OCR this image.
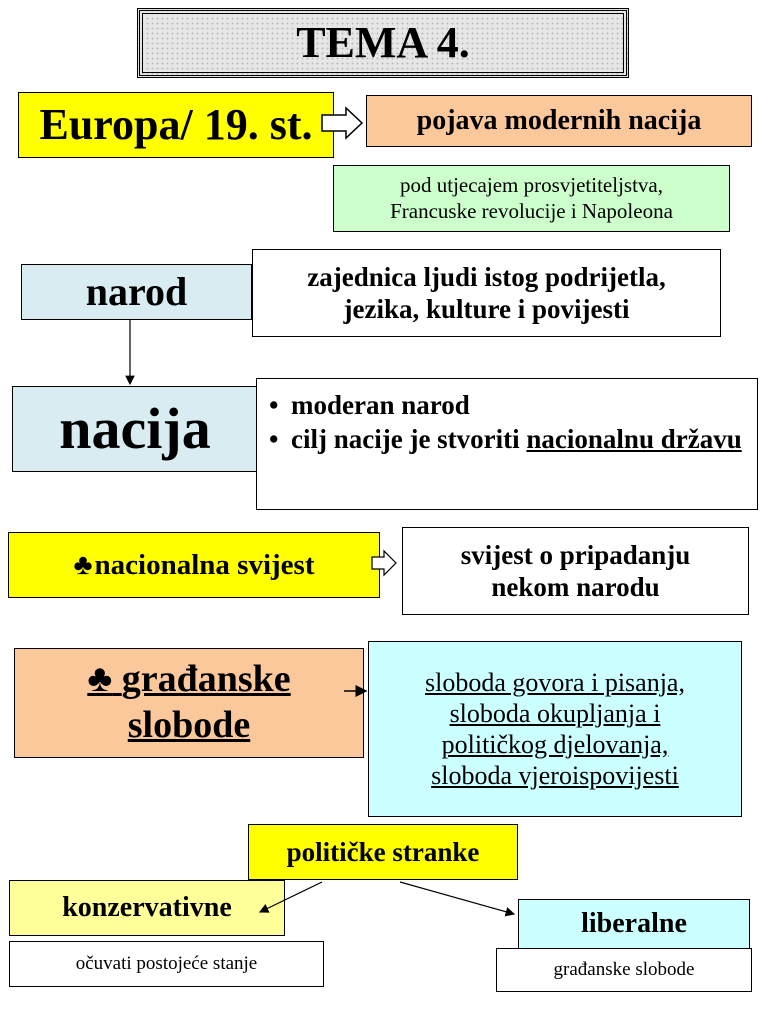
TEMA 4.
Europa/ 19. st.	pojava modernih nacija
pod utjecajem prosvjetiteljstva,
Francuske revolucije i Napoleona
narod	zajednica ljudi istog podrijetla,
jezika, kulture i povijesti
nacija
•	moderan narod
• cilj nacije je stvoriti nacionalnu državu
♣ nacionalna svijest	svijest o pripadanju
nekom narodu
♣ građanske
slobode
sloboda govora i pisanja,
sloboda okupljanja i
političkog djelovanja,
sloboda vjeroispovijesti
političke stranke
konzervativne
očuvati postojeće stanje
liberalne
građanske slobode
